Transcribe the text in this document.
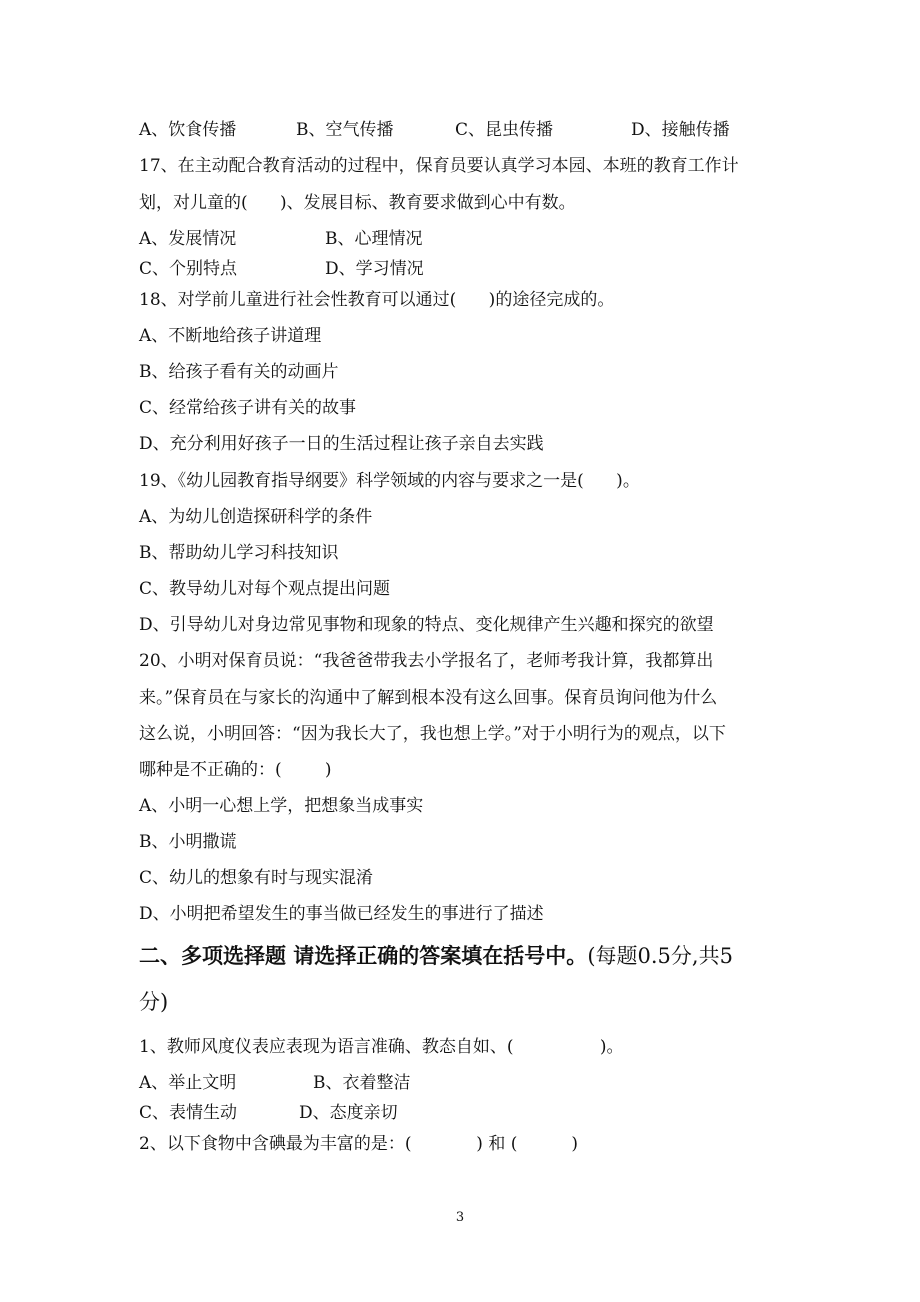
A、饮食传播	B、空气传播	C、昆虫传播	D、接触传播
17、在主动配合教育活动的过程中，保育员要认真学习本园、本班的教育工作计
划，对儿童的(      )、发展目标、教育要求做到心中有数。
A、发展情况	B、心理情况
C、个别特点	D、学习情况
18、对学前儿童进行社会性教育可以通过(      )的途径完成的。
A、不断地给孩子讲道理
B、给孩子看有关的动画片
C、经常给孩子讲有关的故事
D、充分利用好孩子一日的生活过程让孩子亲自去实践
19、《幼儿园教育指导纲要》科学领域的内容与要求之一是(      )。
A、为幼儿创造探研科学的条件
B、帮助幼儿学习科技知识
C、教导幼儿对每个观点提出问题
D、引导幼儿对身边常见事物和现象的特点、变化规律产生兴趣和探究的欲望
20、小明对保育员说：“我爸爸带我去小学报名了，老师考我计算，我都算出
来。”保育员在与家长的沟通中了解到根本没有这么回事。保育员询问他为什么
这么说，小明回答：“因为我长大了，我也想上学。”对于小明行为的观点，以下
哪种是不正确的：(        )
A、小明一心想上学，把想象当成事实
B、小明撒谎
C、幼儿的想象有时与现实混淆
D、小明把希望发生的事当做已经发生的事进行了描述
二、多项选择题 请选择正确的答案填在括号中。(每题0.5分,共5
分)
1、教师风度仪表应表现为语言准确、教态自如、(                )。
A、举止文明	B、衣着整洁
C、表情生动	D、态度亲切
2、以下食物中含碘最为丰富的是：(            ) 和 (          )
3
